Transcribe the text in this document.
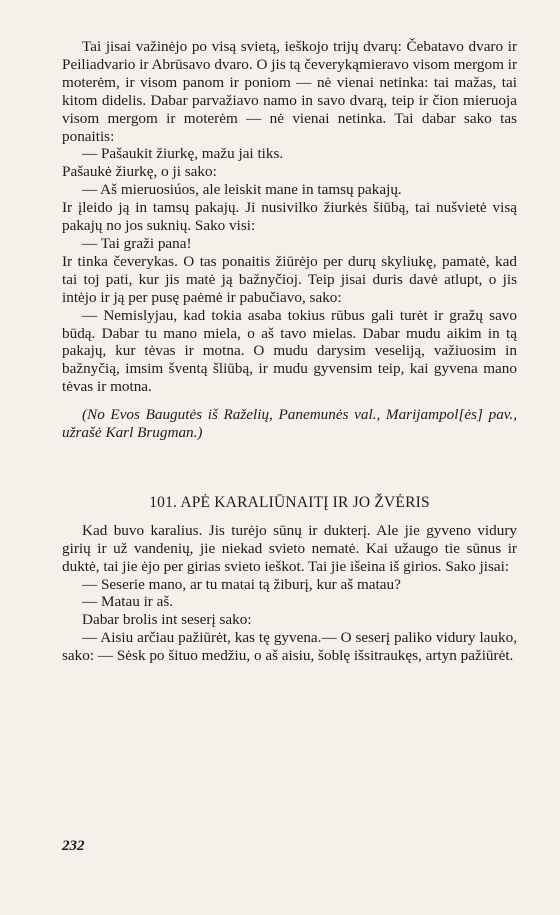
Tai jisai važinėjo po visą svietą, ieškojo trijų dvarų: Čebatavo dvaro ir Peiliadvario ir Abrūsavo dvaro. O jis tą čeverykąmieravo visom mergom ir moterėm, ir visom panom ir poniom — nė vienai netinka: tai mažas, tai kitom didelis. Dabar parvažiavo namo in savo dvarą, teip ir čion mieruoja visom mergom ir moterėm — nė vienai netinka. Tai dabar sako tas ponaitis:

— Pašaukit žiurkę, mažu jai tiks.

Pašaukė žiurkę, o ji sako:

— Aš mieruosiúos, ale leiskit mane in tamsų pakajų.

Ir įleido ją in tamsų pakajų. Ji nusivilko žiurkės šiūbą, tai nušvietė visą pakajų no jos suknių. Sako visi:

— Tai graži pana!

Ir tinka čeverykas. O tas ponaitis žiūrėjo per durų skyliukę, pamatė, kad tai toj pati, kur jis matė ją bažnyčioj. Teip jisai duris davė atlupt, o jis intėjo ir ją per pusę paėmė ir pabučiavo, sako:

— Nemislyjau, kad tokia asaba tokius rūbus gali turėt ir gražų savo būdą. Dabar tu mano miela, o aš tavo mielas. Dabar mudu aikim in tą pakajų, kur tėvas ir motna. O mudu darysim veseliją, važiuosim in bažnyčią, imsim šventą šliūbą, ir mudu gyvensim teip, kai gyvena mano tėvas ir motna.

(No Evos Baugutės iš Raželių, Panemunės val., Marijampol[ės] pav., užrašė Karl Brugman.)

101. APĖ KARALIŪNAITĮ IR JO ŽVĖRIS

Kad buvo karalius. Jis turėjo sūnų ir dukterį. Ale jie gyveno vidury girių ir už vandenių, jie niekad svieto nematė. Kai užaugo tie sūnus ir duktė, tai jie ėjo per girias svieto ieškot. Tai jie išeina iš girios. Sako jisai:

— Seserie mano, ar tu matai tą žiburį, kur aš matau?

— Matau ir aš.

Dabar brolis int seserį sako:

— Aisiu arčiau pažiūrėt, kas tę gyvena.— O seserį paliko vidury lauko, sako: — Sėsk po šituo medžiu, o aš aisiu, šoblę išsitraukęs, artyn pažiūrėt.

232
